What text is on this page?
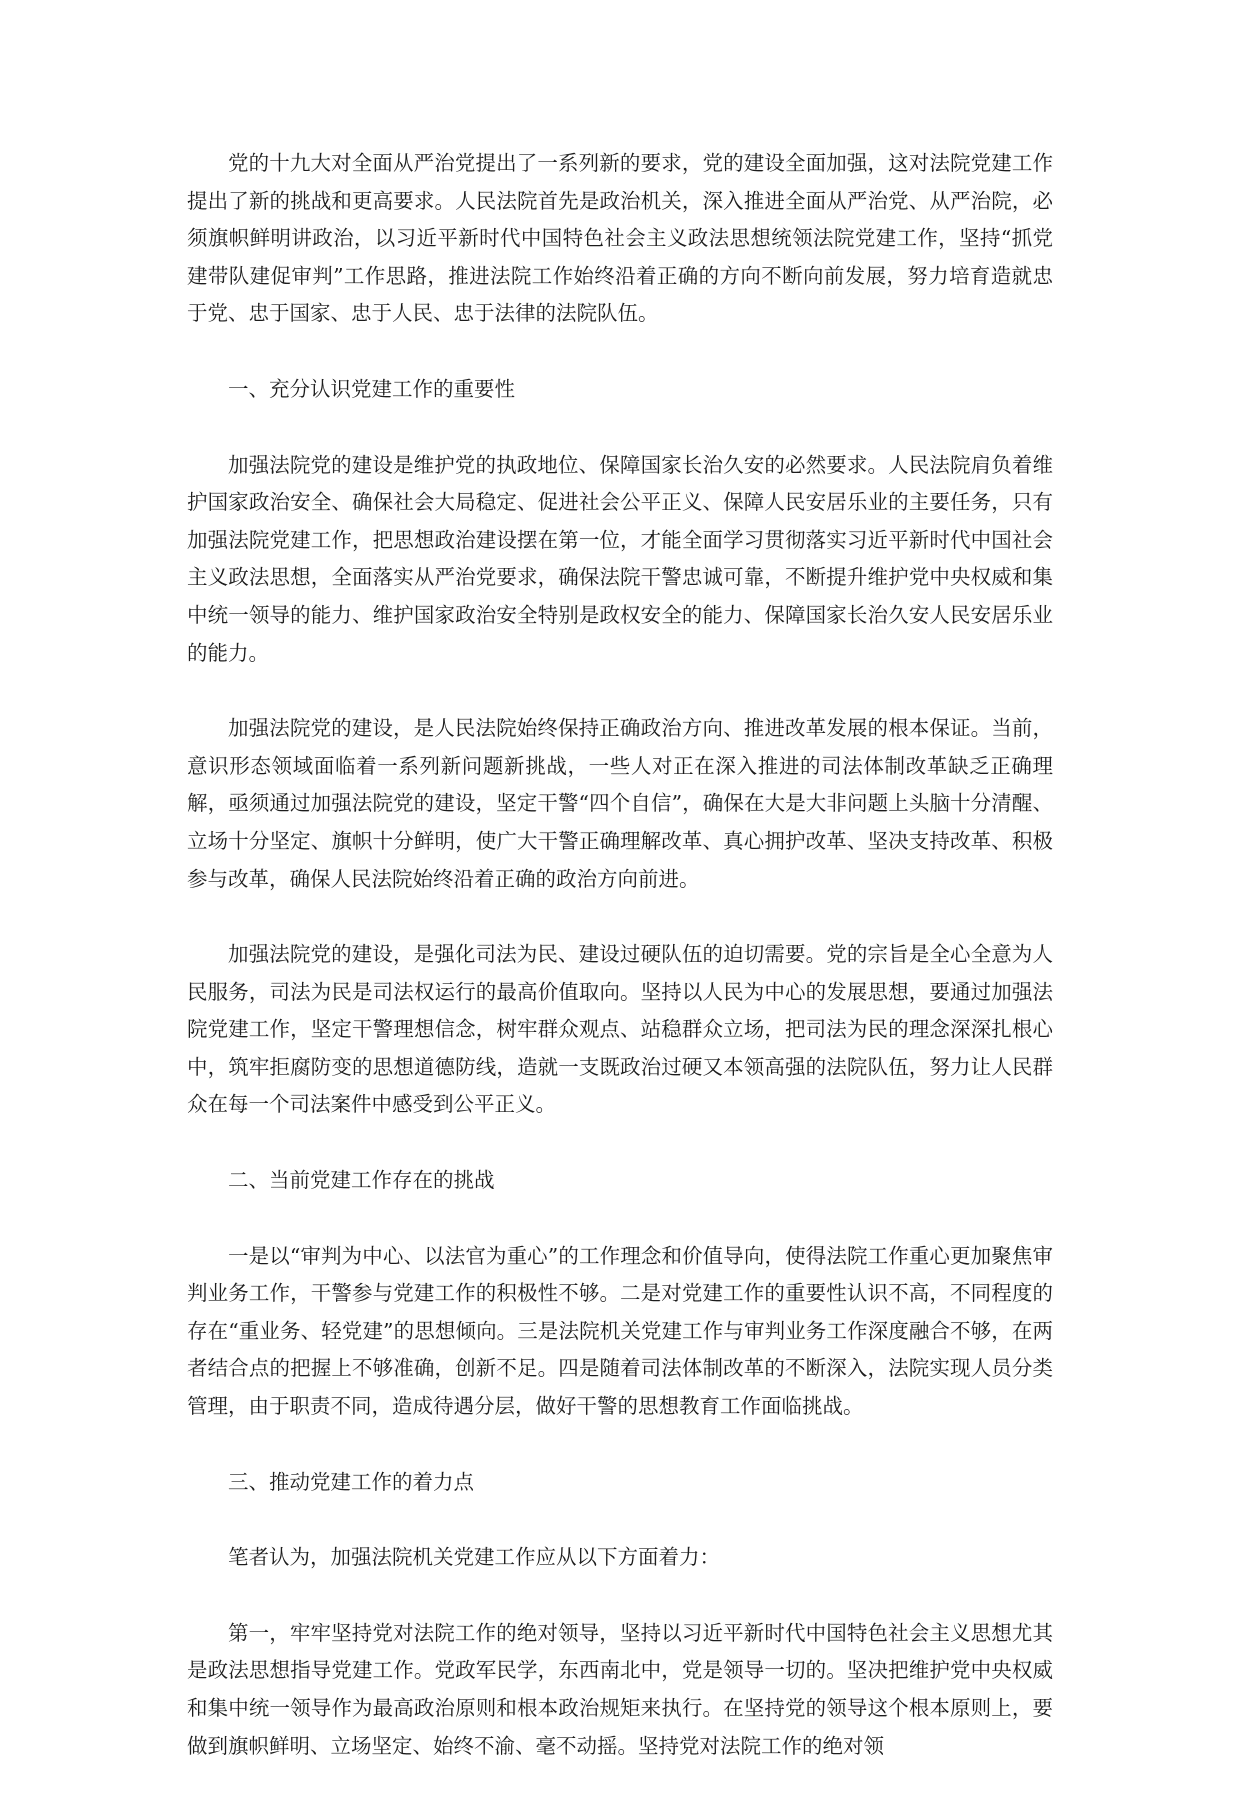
党的十九大对全面从严治党提出了一系列新的要求，党的建设全面加强，这对法院党建工作提出了新的挑战和更高要求。人民法院首先是政治机关，深入推进全面从严治党、从严治院，必须旗帜鲜明讲政治，以习近平新时代中国特色社会主义政法思想统领法院党建工作，坚持“抓党建带队建促审判”工作思路，推进法院工作始终沿着正确的方向不断向前发展，努力培育造就忠于党、忠于国家、忠于人民、忠于法律的法院队伍。

一、充分认识党建工作的重要性

加强法院党的建设是维护党的执政地位、保障国家长治久安的必然要求。人民法院肩负着维护国家政治安全、确保社会大局稳定、促进社会公平正义、保障人民安居乐业的主要任务，只有加强法院党建工作，把思想政治建设摆在第一位，才能全面学习贯彻落实习近平新时代中国社会主义政法思想，全面落实从严治党要求，确保法院干警忠诚可靠，不断提升维护党中央权威和集中统一领导的能力、维护国家政治安全特别是政权安全的能力、保障国家长治久安人民安居乐业的能力。

加强法院党的建设，是人民法院始终保持正确政治方向、推进改革发展的根本保证。当前，意识形态领域面临着一系列新问题新挑战，一些人对正在深入推进的司法体制改革缺乏正确理解，亟须通过加强法院党的建设，坚定干警“四个自信”，确保在大是大非问题上头脑十分清醒、立场十分坚定、旗帜十分鲜明，使广大干警正确理解改革、真心拥护改革、坚决支持改革、积极参与改革，确保人民法院始终沿着正确的政治方向前进。

加强法院党的建设，是强化司法为民、建设过硬队伍的迫切需要。党的宗旨是全心全意为人民服务，司法为民是司法权运行的最高价值取向。坚持以人民为中心的发展思想，要通过加强法院党建工作，坚定干警理想信念，树牢群众观点、站稳群众立场，把司法为民的理念深深扎根心中，筑牢拒腐防变的思想道德防线，造就一支既政治过硬又本领高强的法院队伍，努力让人民群众在每一个司法案件中感受到公平正义。

二、当前党建工作存在的挑战

一是以“审判为中心、以法官为重心”的工作理念和价值导向，使得法院工作重心更加聚焦审判业务工作，干警参与党建工作的积极性不够。二是对党建工作的重要性认识不高，不同程度的存在“重业务、轻党建”的思想倾向。三是法院机关党建工作与审判业务工作深度融合不够，在两者结合点的把握上不够准确，创新不足。四是随着司法体制改革的不断深入，法院实现人员分类管理，由于职责不同，造成待遇分层，做好干警的思想教育工作面临挑战。

三、推动党建工作的着力点

笔者认为，加强法院机关党建工作应从以下方面着力：

第一，牢牢坚持党对法院工作的绝对领导，坚持以习近平新时代中国特色社会主义思想尤其是政法思想指导党建工作。党政军民学，东西南北中，党是领导一切的。坚决把维护党中央权威和集中统一领导作为最高政治原则和根本政治规矩来执行。在坚持党的领导这个根本原则上，要做到旗帜鲜明、立场坚定、始终不渝、毫不动摇。坚持党对法院工作的绝对领
